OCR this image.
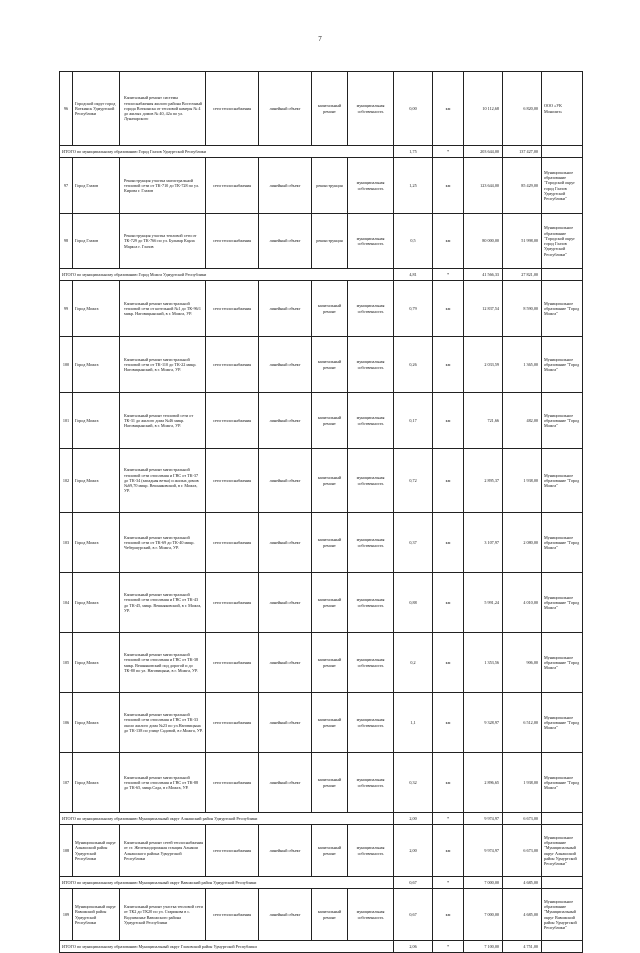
7
96	Городской округ город Воткинск Удмуртской Республики	Капитальный ремонт системы теплоснабжения жилого района Восточный города Воткинска от тепловой камеры № 4 до жилых домов № 40, 42а по ул. Луначарского	сети теплоснабжения	линейный объект	капитальный ремонт	муниципальная собственность	0,00	км	10 112,68	6 820,00	ООО «УК Монолит»
ИТОГО по муниципальному образованию Город Глазов Удмуртской Республики							1,75	*	203 644,00	137 427,00	
97	Город Глазов	Реконструкция участка магистральной тепловой сети от ТК-710 до ТК-728 по ул. Кирова г. Глазов	сети теплоснабжения	линейный объект	реконструкция	муниципальная собственность	1,25	км	123 644,00	85 429,00	Муниципальное образование "Городской округ город Глазов Удмуртской Республики"
98	Город Глазов	Реконструкция участка тепловой сети от ТК-729 до ТК-766 по ул. Бульвар Карла Маркса г. Глазов	сети теплоснабжения	линейный объект	реконструкция	муниципальная собственность	0,5	км	80 000,00	51 998,00	Муниципальное образование "Городской округ город Глазов Удмуртской Республики"
ИТОГО по муниципальному образованию Город Можга Удмуртской Республики							4,81	*	41 566,33	27 821,00	
99	Город Можга	Капитальный ремонт магистральной тепловой сети от котельной №1 до ТК-96/1 микр. Наговицынский, в г. Можга, УР.	сети теплоснабжения	линейный объект	капитальный ремонт	муниципальная собственность	0,79	км	12 837,54	8 590,00	Муниципальное образование "Город Можга"
100	Город Можга	Капитальный ремонт магистральной тепловой сети от ТК-110 до ТК-22 микр. Наговицынский, в г. Можга, УР.	сети теплоснабжения	линейный объект	капитальный ремонт	муниципальная собственность	0,26	км	2 033,59	1 365,00	Муниципальное образование "Город Можга"
101	Город Можга	Капитальный ремонт тепловой сети от ТК-31 до жилого дома №46 микр. Наговицынский, в г. Можга, УР.	сети теплоснабжения	линейный объект	капитальный ремонт	муниципальная собственность	0,17	км	721,66	482,00	Муниципальное образование "Город Можга"
102	Город Можга	Капитальный ремонт магистральной тепловой сети отопления и ГВС от ТК-37 до ТК-34 (западная ветка) и жилых домов №69,70 микр. Вешняковский, в г. Можга, УР.	сети теплоснабжения	линейный объект	капитальный ремонт	муниципальная собственность	0,72	км	2 895,37	1 938,00	Муниципальное образование "Город Можга"
103	Город Можга	Капитальный ремонт магистральной тепловой сети от ТК-69 до ТК-40 микр. Чебершурский, в г. Можга, УР.	сети теплоснабжения	линейный объект	капитальный ремонт	муниципальная собственность	0,37	км	3 107,97	2 080,00	Муниципальное образование "Город Можга"
104	Город Можга	Капитальный ремонт магистральной тепловой сети отопления и ГВС от ТК-43 до ТК-45, микр. Вешняковский, в г. Можга, УР.	сети теплоснабжения	линейный объект	капитальный ремонт	муниципальная собственность	0,88	км	5 991,24	4 010,00	Муниципальное образование "Город Можга"
105	Город Можга	Капитальный ремонт магистральной тепловой сети отопления и ГВС от ТК-38 микр. Вешняковский под дорогой и до ТК-80 по ул. Наговицына, в г. Можга, УР.	сети теплоснабжения	линейный объект	капитальный ремонт	муниципальная собственность	0,2	км	1 353,56	906,00	Муниципальное образование "Город Можга"
106	Город Можга	Капитальный ремонт магистральной тепловой сети отопления и ГВС от ТК-33 около жилого дома №23 по ул.Наговицына до ТК-138 по улице Садовой, в г.Можга, УР.	сети теплоснабжения	линейный объект	капитальный ремонт	муниципальная собственность	1,1	км	9 328,97	6 512,00	Муниципальное образование "Город Можга"
107	Город Можга	Капитальный ремонт магистральной тепловой сети отопления и ГВС от ТК-88 до ТК-65, микр.Сада, в г.Можга, УР.	сети теплоснабжения	линейный объект	капитальный ремонт	муниципальная собственность	0,32	км	2 896,65	1 938,00	Муниципальное образование "Город Можга"
ИТОГО по муниципальному образованию Муниципальный округ Алнашский район Удмуртской Республики							2,00	*	9 974,97	6 673,00	
108	Муниципальный округ Алнашский район Удмуртской Республики	Капитальный ремонт сетей теплоснабжения от ст. Железнодорожная станция Алнаши Алнашского района Удмуртской Республики	сети теплоснабжения	линейный объект	капитальный ремонт	муниципальная собственность	2,00	км	9 974,97	6 673,00	Муниципальное образование "Муниципальный округ Алнашский район Удмуртской Республики"
ИТОГО по муниципальному образованию Муниципальный округ Вавожский район Удмуртской Республики							0,67	*	7 000,00	4 685,00	
109	Муниципальный округ Вавожский район Удмуртской Республики	Капитальный ремонт участка тепловой сети от ТК2 до ТК20 по ул. Старикова в с. Водзимонье Вавожского района Удмуртской Республики	сети теплоснабжения	линейный объект	капитальный ремонт	муниципальная собственность	0,67	км	7 000,00	4 685,00	Муниципальное образование "Муниципальный округ Вавожский район Удмуртской Республики"
ИТОГО по муниципальному образованию Муниципальный округ Глазовский район Удмуртской Республики							2,06	*	7 100,00	4 751,00	
